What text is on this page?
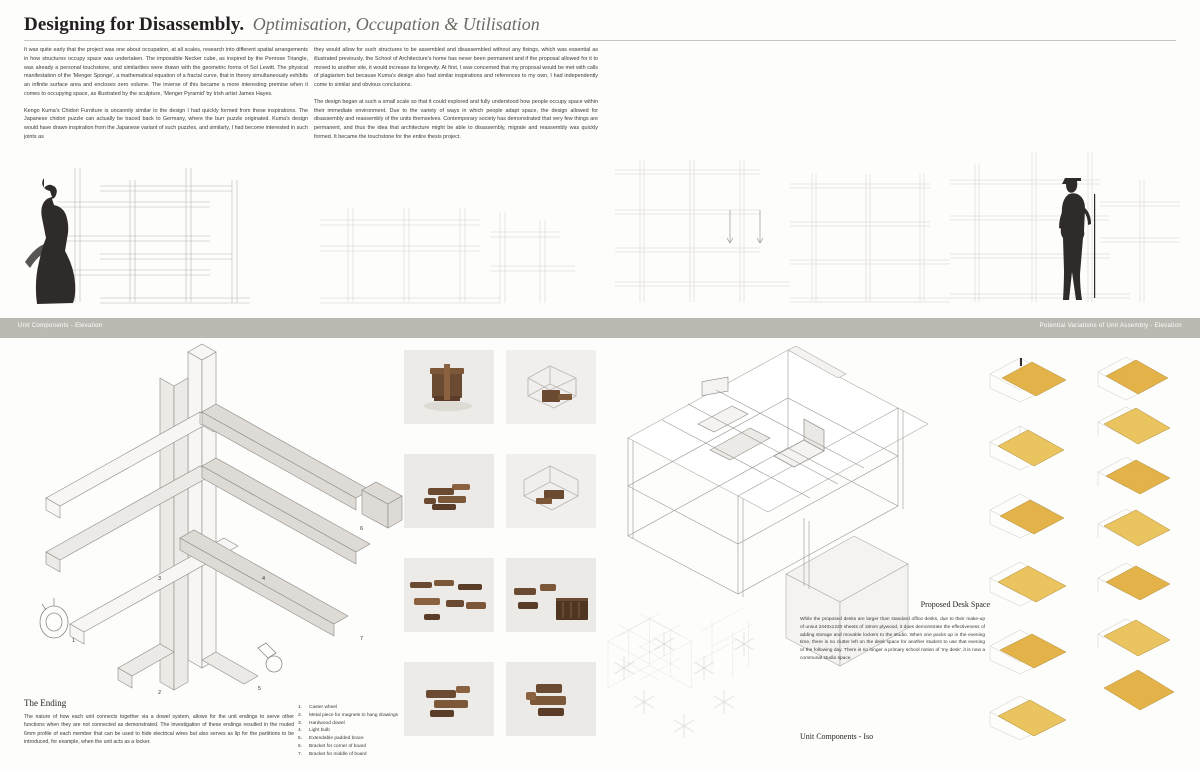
Designing for Disassembly. Optimisation, Occupation & Utilisation

It was quite early that the project was one about occupation, at all scales, research into different spatial arrangements in how structures occupy space was undertaken. The impossible Necker cube, as inspired by the Penrose Triangle, was already a personal touchstone, and similarities were drawn with the geometric forms of Sol Lewitt. The physical manifestation of the 'Menger Sponge', a mathematical equation of a fractal curve, that in theory simultaneously exhibits an infinite surface area and encloses zero volume. The inverse of this became a more interesting premise when it comes to occupying space, as illustrated by the sculpture, 'Menger Pyramid' by Irish artist James Hayes.

Kengo Kuma's Chidori Furniture is uncannily similar to the design I had quickly formed from these inspirations. The Japanese chidori puzzle can actually be traced back to Germany, where the burr puzzle originated. Kuma's design would have drawn inspiration from the Japanese variant of such puzzles, and similarly, I had become interested in such joints as

they would allow for such structures to be assembled and disassembled without any fixings, which was essential as illustrated previously, the School of Architecture's home has never been permanent and if the proposal allowed for it to moved to another site, it would increase its longevity. At first, I was concerned that my proposal would be met with calls of plagiarism but because Kuma's design also had similar inspirations and references to my own, I had independently come to similar and obvious conclusions.

The design began at such a small scale so that it could explored and fully understood how people occupy space within their immediate environment. Due to the variety of ways in which people adapt space, the design allowed for disassembly and reassembly of the units themselves. Contemporary society has demonstrated that very few things are permanent, and thus the idea that architecture might be able to disassembly, migrate and reassembly was quickly formed. It became the touchstone for the entire thesis project.

Unit Components - Elevation	Potential Variations of Unit Assembly - Elevation
1
2
3	4
5
6
7
The Ending

The nature of how each unit connects together via a dowel system, allows for the unit endings to serve other functions when they are not connected as demonstrated. The investigation of these endings resulted in the routed 6mm profile of each member that can be used to hide electrical wires but also serves as lip for the partitions to be introduced, for example, when the unit acts as a locker.

1.	Caster wheel
2.	Metal piece for magnets to hang drawings
3.	Hardwood dowel
4.	Light bulb
5.	Extendable padded brace
6.	Bracket for corner of board
7.	Bracket for middle of board
Proposed Desk Space
While the proposed desks are larger than standard office desks, due to their make-up of unsut 2440x1220 sheets of 18mm plywood, it does demonstrate the effectiveness of adding storage and movable lockers to the studio. When one packs up in the evening time, there is no clutter left on the desk space for another student to use that evening or the following day. There is no longer a primary school notion of 'my desk', it is now a communal studio space.
Unit Components - Iso
